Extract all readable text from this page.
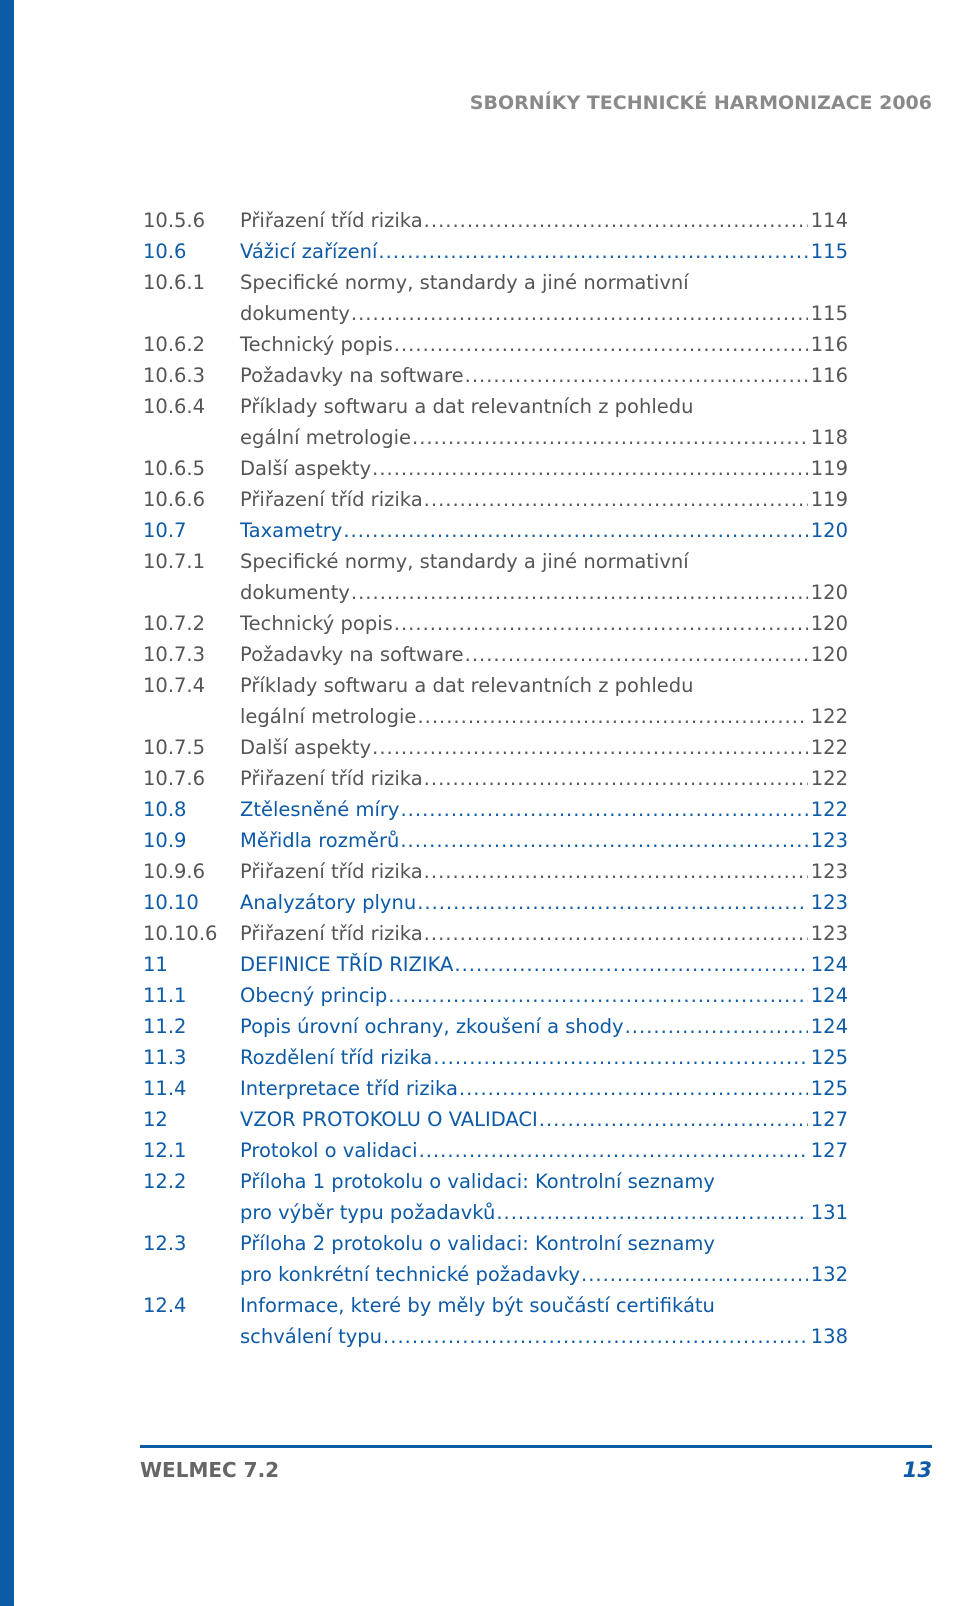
SBORNÍKY TECHNICKÉ HARMONIZACE 2006
10.5.6	Přiřazení tříd rizika .....	114
10.6	Vážicí zařízení .....	115
10.6.1	Specifické normy, standardy a jiné normativní
dokumenty .....	115
10.6.2	Technický popis .....	116
10.6.3	Požadavky na software .....	116
10.6.4	Příklady softwaru a dat relevantních z pohledu
egální metrologie .....	118
10.6.5	Další aspekty .....	119
10.6.6	Přiřazení tříd rizika .....	119
10.7	Taxametry .....	120
10.7.1	Specifické normy, standardy a jiné normativní
dokumenty .....	120
10.7.2	Technický popis .....	120
10.7.3	Požadavky na software .....	120
10.7.4	Příklady softwaru a dat relevantních z pohledu
legální metrologie .....	122
10.7.5	Další aspekty .....	122
10.7.6	Přiřazení tříd rizika .....	122
10.8	Ztělesněné míry .....	122
10.9	Měřidla rozměrů .....	123
10.9.6	Přiřazení tříd rizika .....	123
10.10	Analyzátory plynu .....	123
10.10.6	Přiřazení tříd rizika .....	123
11	DEFINICE TŘÍD RIZIKA .....	124
11.1	Obecný princip .....	124
11.2	Popis úrovní ochrany, zkoušení a shody .....	124
11.3	Rozdělení tříd rizika .....	125
11.4	Interpretace tříd rizika .....	125
12	VZOR PROTOKOLU O VALIDACI .....	127
12.1	Protokol o validaci .....	127
12.2	Příloha 1 protokolu o validaci: Kontrolní seznamy
pro výběr typu požadavků .....	131
12.3	Příloha 2 protokolu o validaci: Kontrolní seznamy
pro konkrétní technické požadavky .....	132
12.4	Informace, které by měly být součástí certifikátu
schválení typu .....	138
WELMEC 7.2	13
